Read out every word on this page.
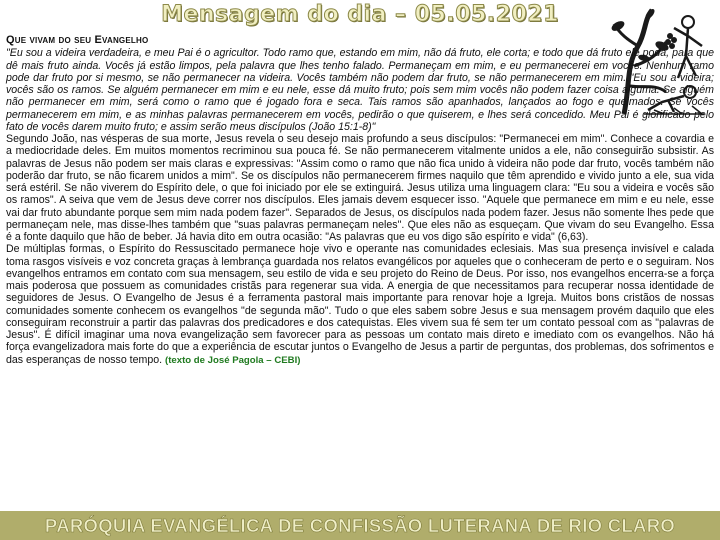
Mensagem do dia – 05.05.2021
Que vivam do seu Evangelho

"Eu sou a videira verdadeira, e meu Pai é o agricultor. Todo ramo que, estando em mim, não dá fruto, ele corta; e todo que dá fruto ele poda, para que dê mais fruto ainda. Vocês já estão limpos, pela palavra que lhes tenho falado. Permaneçam em mim, e eu permanecerei em vocês. Nenhum ramo pode dar fruto por si mesmo, se não permanecer na videira. Vocês também não podem dar fruto, se não permanecerem em mim. "Eu sou a videira; vocês são os ramos. Se alguém permanecer em mim e eu nele, esse dá muito fruto; pois sem mim vocês não podem fazer coisa alguma. Se alguém não permanecer em mim, será como o ramo que é jogado fora e seca. Tais ramos são apanhados, lançados ao fogo e queimados. Se vocês permanecerem em mim, e as minhas palavras permanecerem em vocês, pedirão o que quiserem, e lhes será concedido. Meu Pai é glorificado pelo fato de vocês darem muito fruto; e assim serão meus discípulos (João 15:1-8)"

Segundo João, nas vésperas de sua morte, Jesus revela o seu desejo mais profundo a seus discípulos: "Permanecei em mim". Conhece a covardia e a mediocridade deles. Em muitos momentos recriminou sua pouca fé. Se não permanecerem vitalmente unidos a ele, não conseguirão subsistir. As palavras de Jesus não podem ser mais claras e expressivas: "Assim como o ramo que não fica unido à videira não pode dar fruto, vocês também não poderão dar fruto, se não ficarem unidos a mim". Se os discípulos não permanecerem firmes naquilo que têm aprendido e vivido junto a ele, sua vida será estéril. Se não viverem do Espírito dele, o que foi iniciado por ele se extinguirá. Jesus utiliza uma linguagem clara: "Eu sou a videira e vocês são os ramos". A seiva que vem de Jesus deve correr nos discípulos. Eles jamais devem esquecer isso. "Aquele que permanece em mim e eu nele, esse vai dar fruto abundante porque sem mim nada podem fazer". Separados de Jesus, os discípulos nada podem fazer. Jesus não somente lhes pede que permaneçam nele, mas disse-lhes também que "suas palavras permaneçam neles". Que eles não as esqueçam. Que vivam do seu Evangelho. Essa é a fonte daquilo que hão de beber. Já havia dito em outra ocasião: "As palavras que eu vos digo são espírito e vida" (6,63).

De múltiplas formas, o Espírito do Ressuscitado permanece hoje vivo e operante nas comunidades eclesiais. Mas sua presença invisível e calada toma rasgos visíveis e voz concreta graças à lembrança guardada nos relatos evangélicos por aqueles que o conheceram de perto e o seguiram. Nos evangelhos entramos em contato com sua mensagem, seu estilo de vida e seu projeto do Reino de Deus. Por isso, nos evangelhos encerra-se a força mais poderosa que possuem as comunidades cristãs para regenerar sua vida. A energia de que necessitamos para recuperar nossa identidade de seguidores de Jesus. O Evangelho de Jesus é a ferramenta pastoral mais importante para renovar hoje a Igreja. Muitos bons cristãos de nossas comunidades somente conhecem os evangelhos "de segunda mão". Tudo o que eles sabem sobre Jesus e sua mensagem provém daquilo que eles conseguiram reconstruir a partir das palavras dos predicadores e dos catequistas. Eles vivem sua fé sem ter um contato pessoal com as "palavras de Jesus". É difícil imaginar uma nova evangelização sem favorecer para as pessoas um contato mais direto e imediato com os evangelhos. Não há força evangelizadora mais forte do que a experiência de escutar juntos o Evangelho de Jesus a partir de perguntas, dos problemas, dos sofrimentos e das esperanças de nosso tempo. (texto de José Pagola – CEBI)

PARÓQUIA EVANGÉLICA DE CONFISSÃO LUTERANA DE RIO CLARO
